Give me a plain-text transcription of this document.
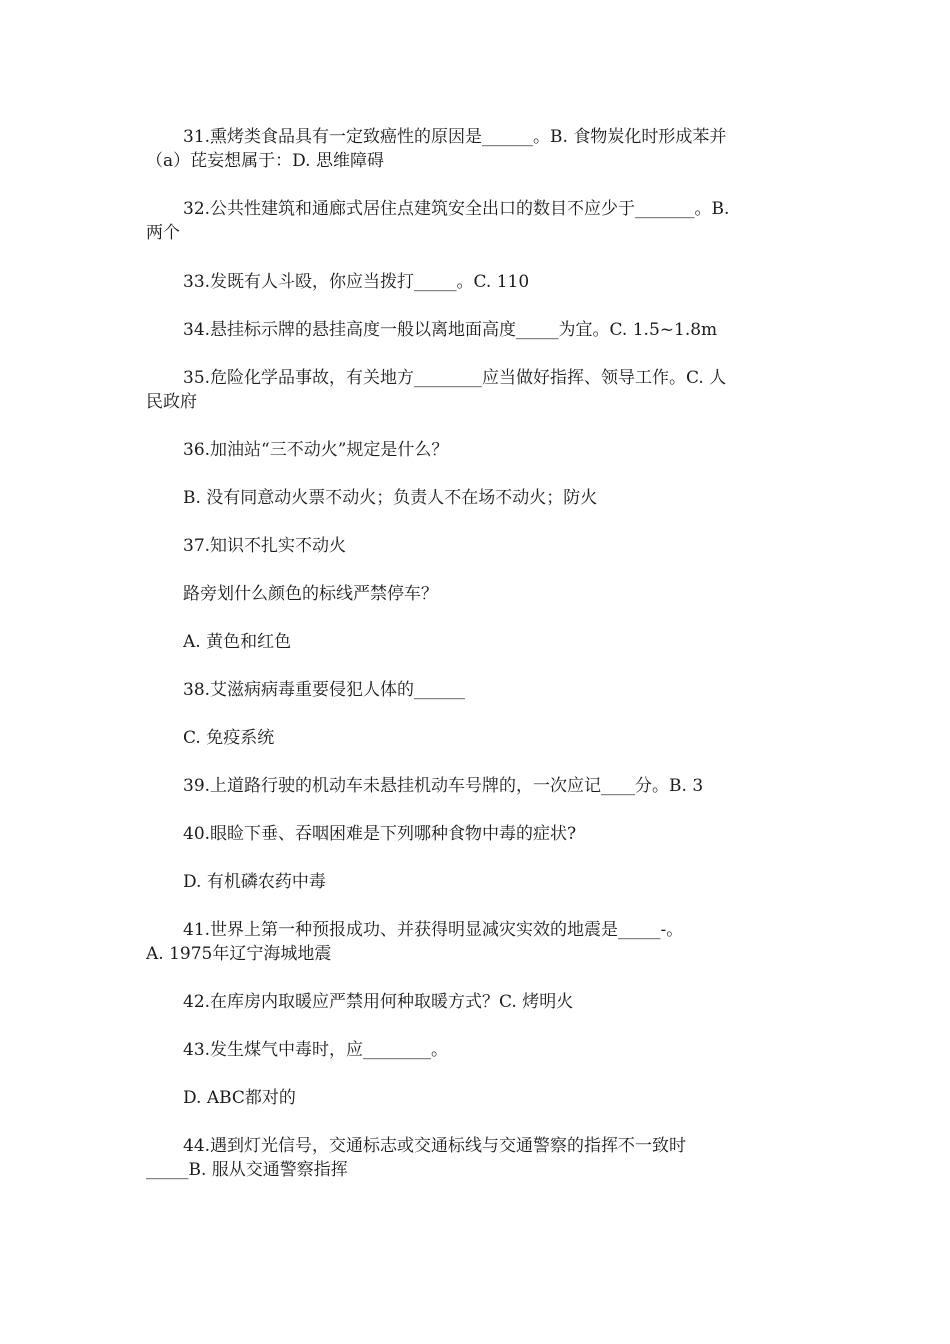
31.熏烤类食品具有一定致癌性的原因是______。B. 食物炭化时形成苯并
（a）芘妄想属于：D. 思维障碍
32.公共性建筑和通廊式居住点建筑安全出口的数目不应少于_______。B.
两个
33.发既有人斗殴，你应当拨打_____。C. 110
34.悬挂标示牌的悬挂高度一般以离地面高度_____为宜。C. 1.5~1.8m
35.危险化学品事故，有关地方________应当做好指挥、领导工作。C. 人
民政府
36.加油站“三不动火”规定是什么？
B. 没有同意动火票不动火；负责人不在场不动火；防火
37.知识不扎实不动火
路旁划什么颜色的标线严禁停车？
A. 黄色和红色
38.艾滋病病毒重要侵犯人体的______
C. 免疫系统
39.上道路行驶的机动车未悬挂机动车号牌的，一次应记____分。B. 3
40.眼睑下垂、吞咽困难是下列哪种食物中毒的症状?
D. 有机磷农药中毒
41.世界上第一种预报成功、并获得明显减灾实效的地震是_____-。
A. 1975年辽宁海城地震
42.在库房内取暖应严禁用何种取暖方式？C. 烤明火
43.发生煤气中毒时，应________。
D. ABC都对的
44.遇到灯光信号，交通标志或交通标线与交通警察的指挥不一致时
_____B. 服从交通警察指挥
